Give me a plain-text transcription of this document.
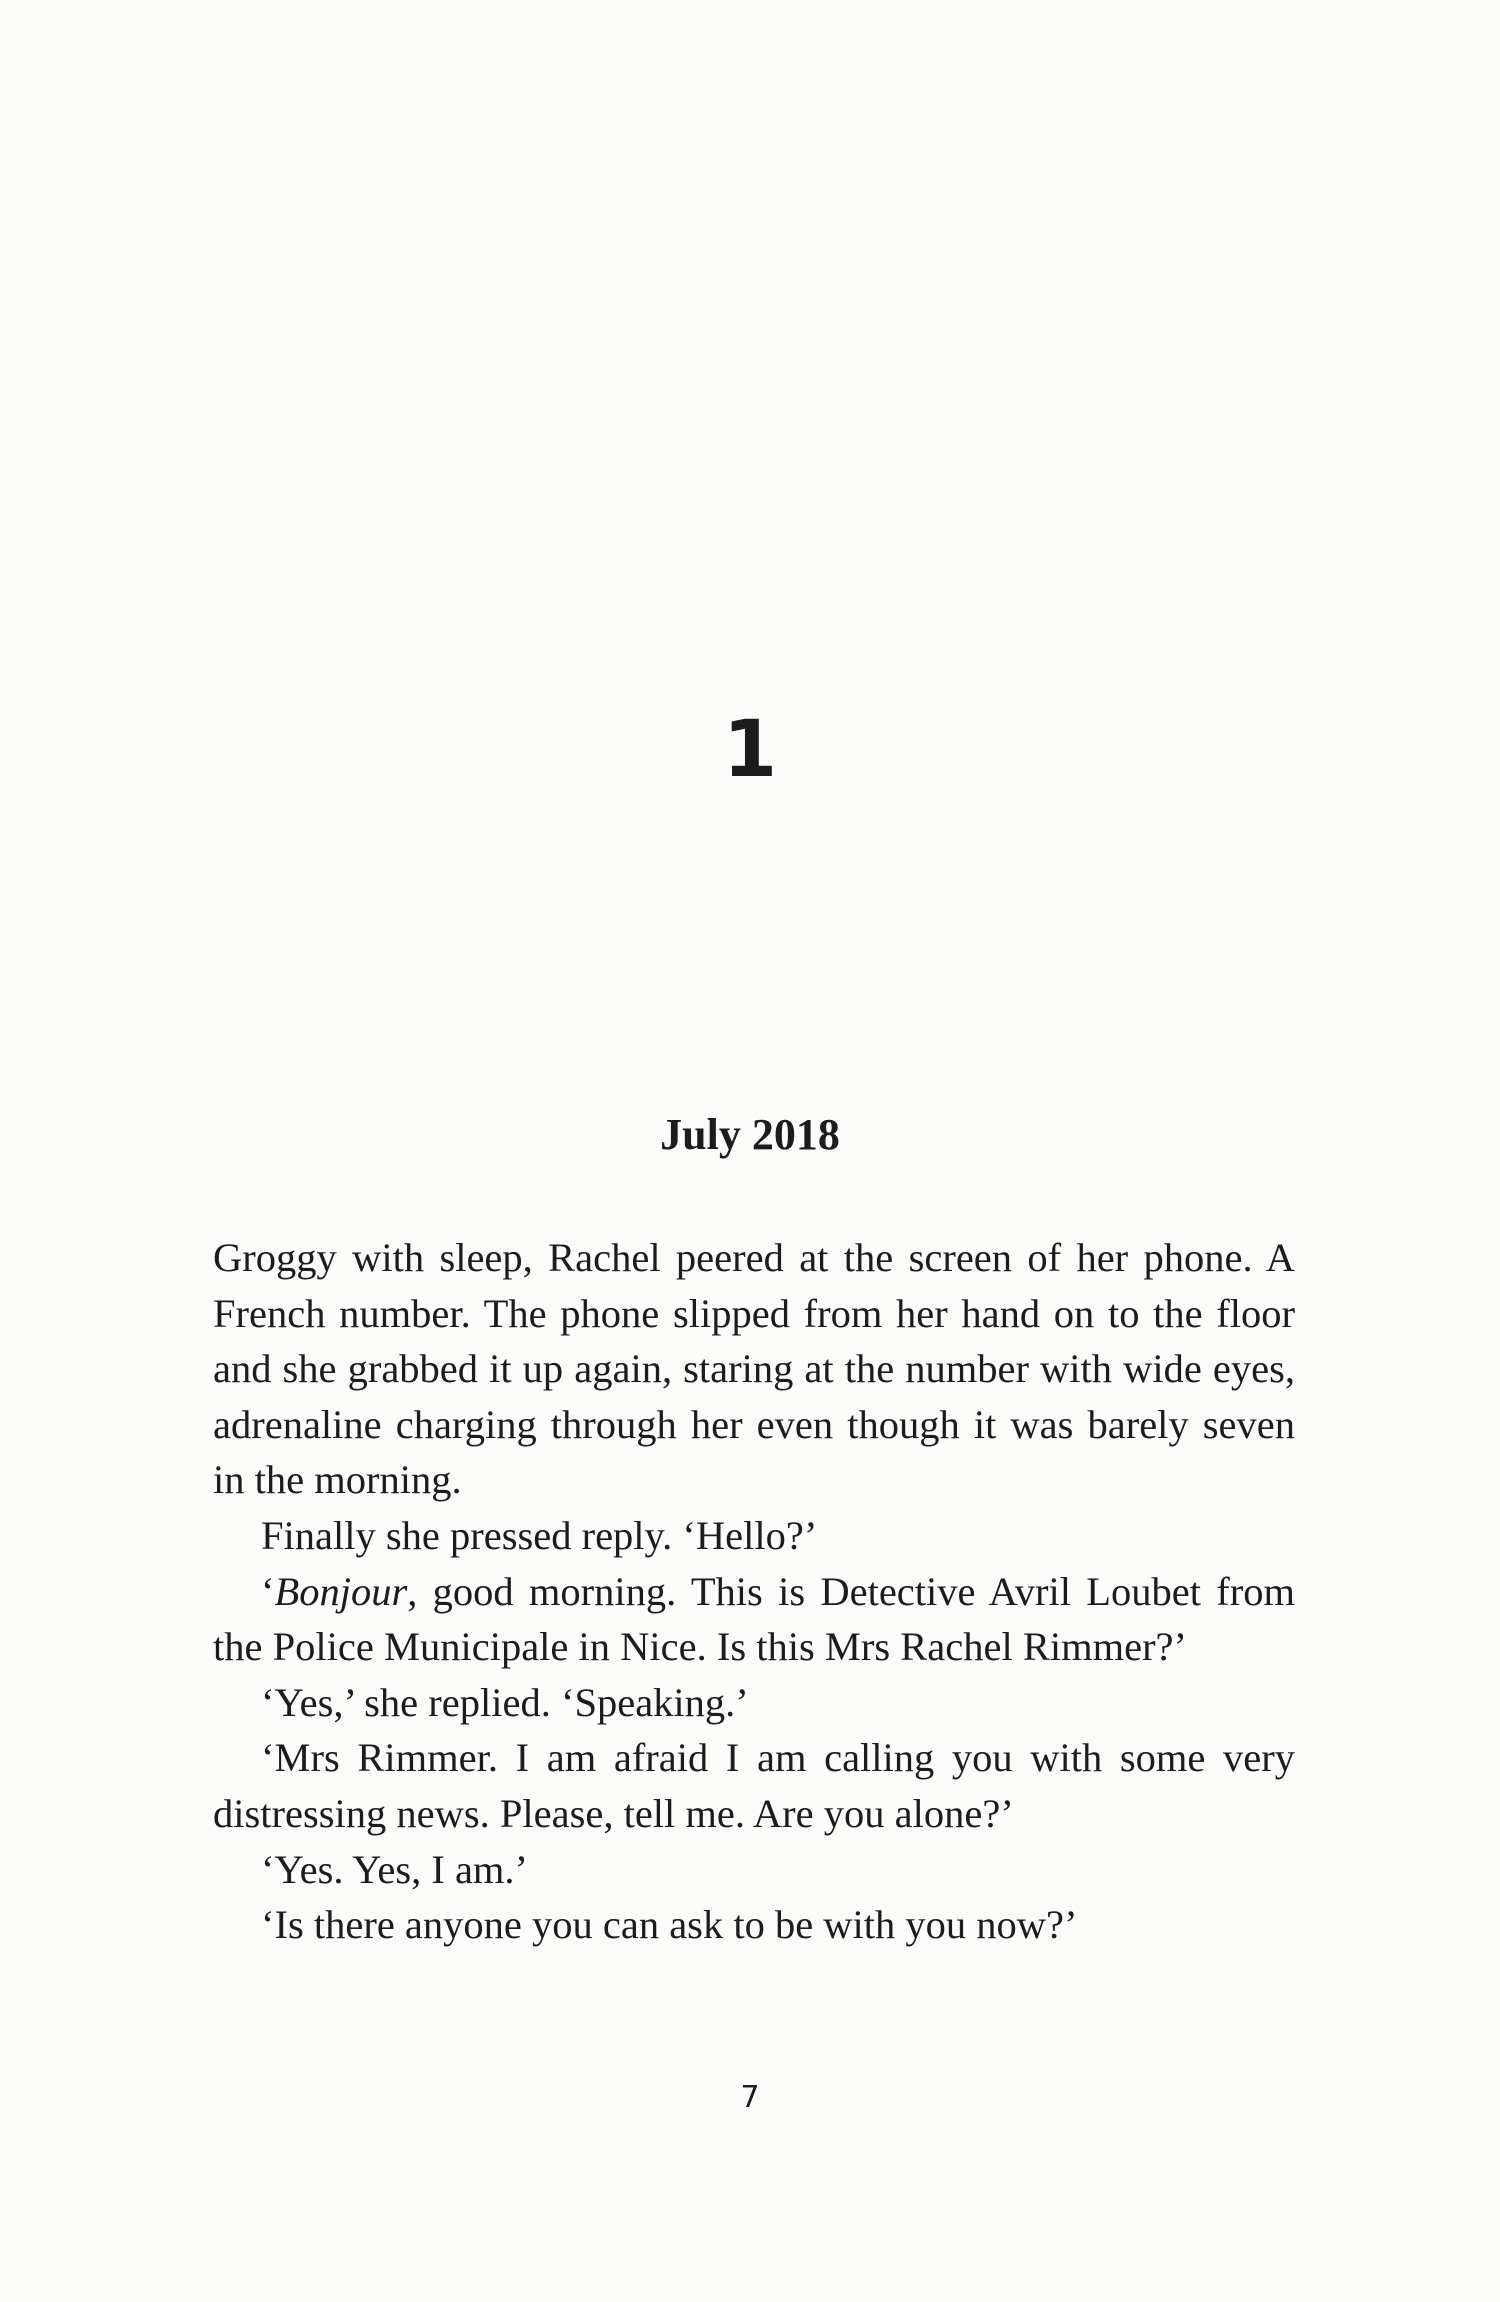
1
July 2018

Groggy with sleep, Rachel peered at the screen of her phone. A French number. The phone slipped from her hand on to the floor and she grabbed it up again, staring at the number with wide eyes, adrenaline charging through her even though it was barely seven in the morning.

Finally she pressed reply. ‘Hello?’

‘Bonjour, good morning. This is Detective Avril Loubet from the Police Municipale in Nice. Is this Mrs Rachel Rimmer?’

‘Yes,’ she replied. ‘Speaking.’

‘Mrs Rimmer. I am afraid I am calling you with some very distressing news. Please, tell me. Are you alone?’

‘Yes. Yes, I am.’

‘Is there anyone you can ask to be with you now?’

7
